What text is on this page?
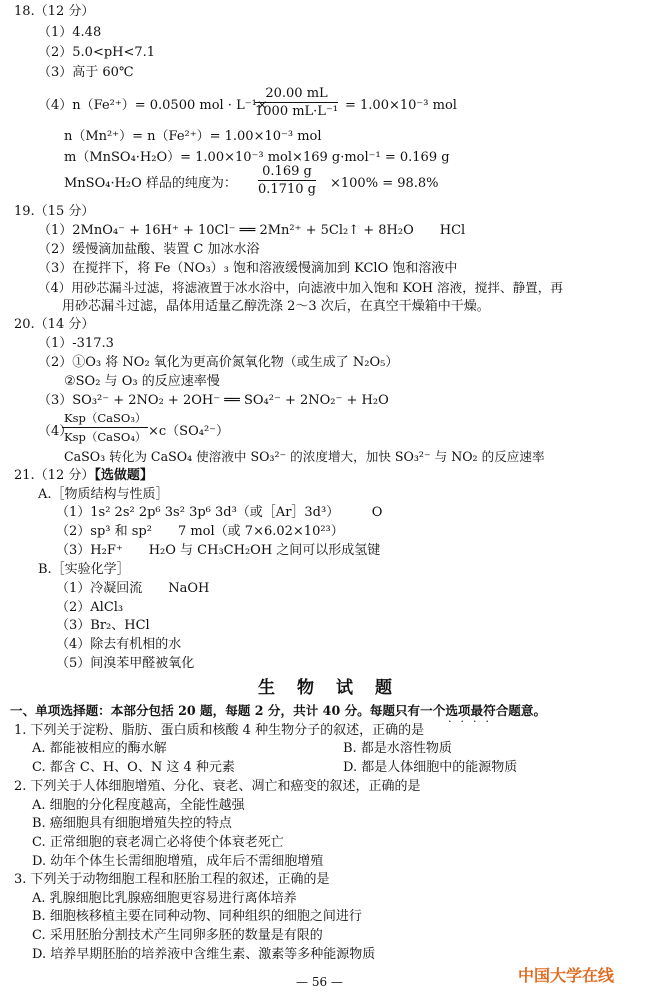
18.（12 分）
（1）4.48
（2）5.0<pH<7.1
（3）高于 60℃
（4）n（Fe²⁺）= 0.0500 mol · L⁻¹×
$\frac{20.00 mL}{\text{1000 mL·L⁻¹}} = 1.00\times 10^{-3}$ mol
n（Mn²⁺）= n（Fe²⁺）= 1.00×10⁻³ mol
m（MnSO₄·H₂O）= 1.00×10⁻³ mol×169 g·mol⁻¹ = 0.169 g
MnSO₄·H₂O 样品的纯度为： $\frac{0.169 g}{0.1710 g} \times 100\% = 98.8\%$
19.（15 分）
（1）2MnO₄⁻ + 16H⁺ + 10Cl⁻ ══ 2Mn²⁺ + 5Cl₂↑ + 8H₂O　　HCl
（2）缓慢滴加盐酸、装置 C 加冰水浴
（3）在搅拌下，将 Fe（NO₃）₃ 饱和溶液缓慢滴加到 KClO 饱和溶液中
（4）用砂芯漏斗过滤，将滤液置于冰水浴中，向滤液中加入饱和 KOH 溶液，搅拌、静置，再
用砂芯漏斗过滤，晶体用适量乙醇洗涤 2～3 次后，在真空干燥箱中干燥。
20.（14 分）
（1）-317.3
（2）①O₃ 将 NO₂ 氧化为更高价氮氧化物（或生成了 N₂O₅）
②SO₂ 与 O₃ 的反应速率慢
（3）SO₃²⁻ + 2NO₂ + 2OH⁻ ══ SO₄²⁻ + 2NO₂⁻ + H₂O
（4）
Ksp（CaSO₃）
Ksp（CaSO₄） ×c（SO₄²⁻）
CaSO₃ 转化为 CaSO₄ 使溶液中 SO₃²⁻ 的浓度增大，加快 SO₃²⁻ 与 NO₂ 的反应速率
21.（12 分）【选做题】
A.［物质结构与性质］
（1）1s² 2s² 2p⁶ 3s² 3p⁶ 3d³（或［Ar］3d³）　　　O
（2）sp³ 和 sp²　　7 mol（或 7×6.02×10²³）
（3）H₂F⁺　　H₂O 与 CH₃CH₂OH 之间可以形成氢键
B.［实验化学］
（1）冷凝回流　　NaOH
（2）AlCl₃
（3）Br₂、HCl
（4）除去有机相的水
（5）间溴苯甲醛被氧化
生物试题
一、单项选择题：本部分包括 20 题，每题 2 分，共计 40 分。每题只有一个选项最符合题意。
····
1. 下列关于淀粉、脂肪、蛋白质和核酸 4 种生物分子的叙述，正确的是
A. 都能被相应的酶水解	B. 都是水溶性物质
C. 都含 C、H、O、N 这 4 种元素	D. 都是人体细胞中的能源物质
2. 下列关于人体细胞增殖、分化、衰老、凋亡和癌变的叙述，正确的是
A. 细胞的分化程度越高，全能性越强
B. 癌细胞具有细胞增殖失控的特点
C. 正常细胞的衰老凋亡必将使个体衰老死亡
D. 幼年个体生长需细胞增殖，成年后不需细胞增殖
3. 下列关于动物细胞工程和胚胎工程的叙述，正确的是
A. 乳腺细胞比乳腺癌细胞更容易进行离体培养
B. 细胞核移植主要在同种动物、同种组织的细胞之间进行
C. 采用胚胎分割技术产生同卵多胚的数量是有限的
D. 培养早期胚胎的培养液中含维生素、激素等多种能源物质
— 56 —	中国大学在线
